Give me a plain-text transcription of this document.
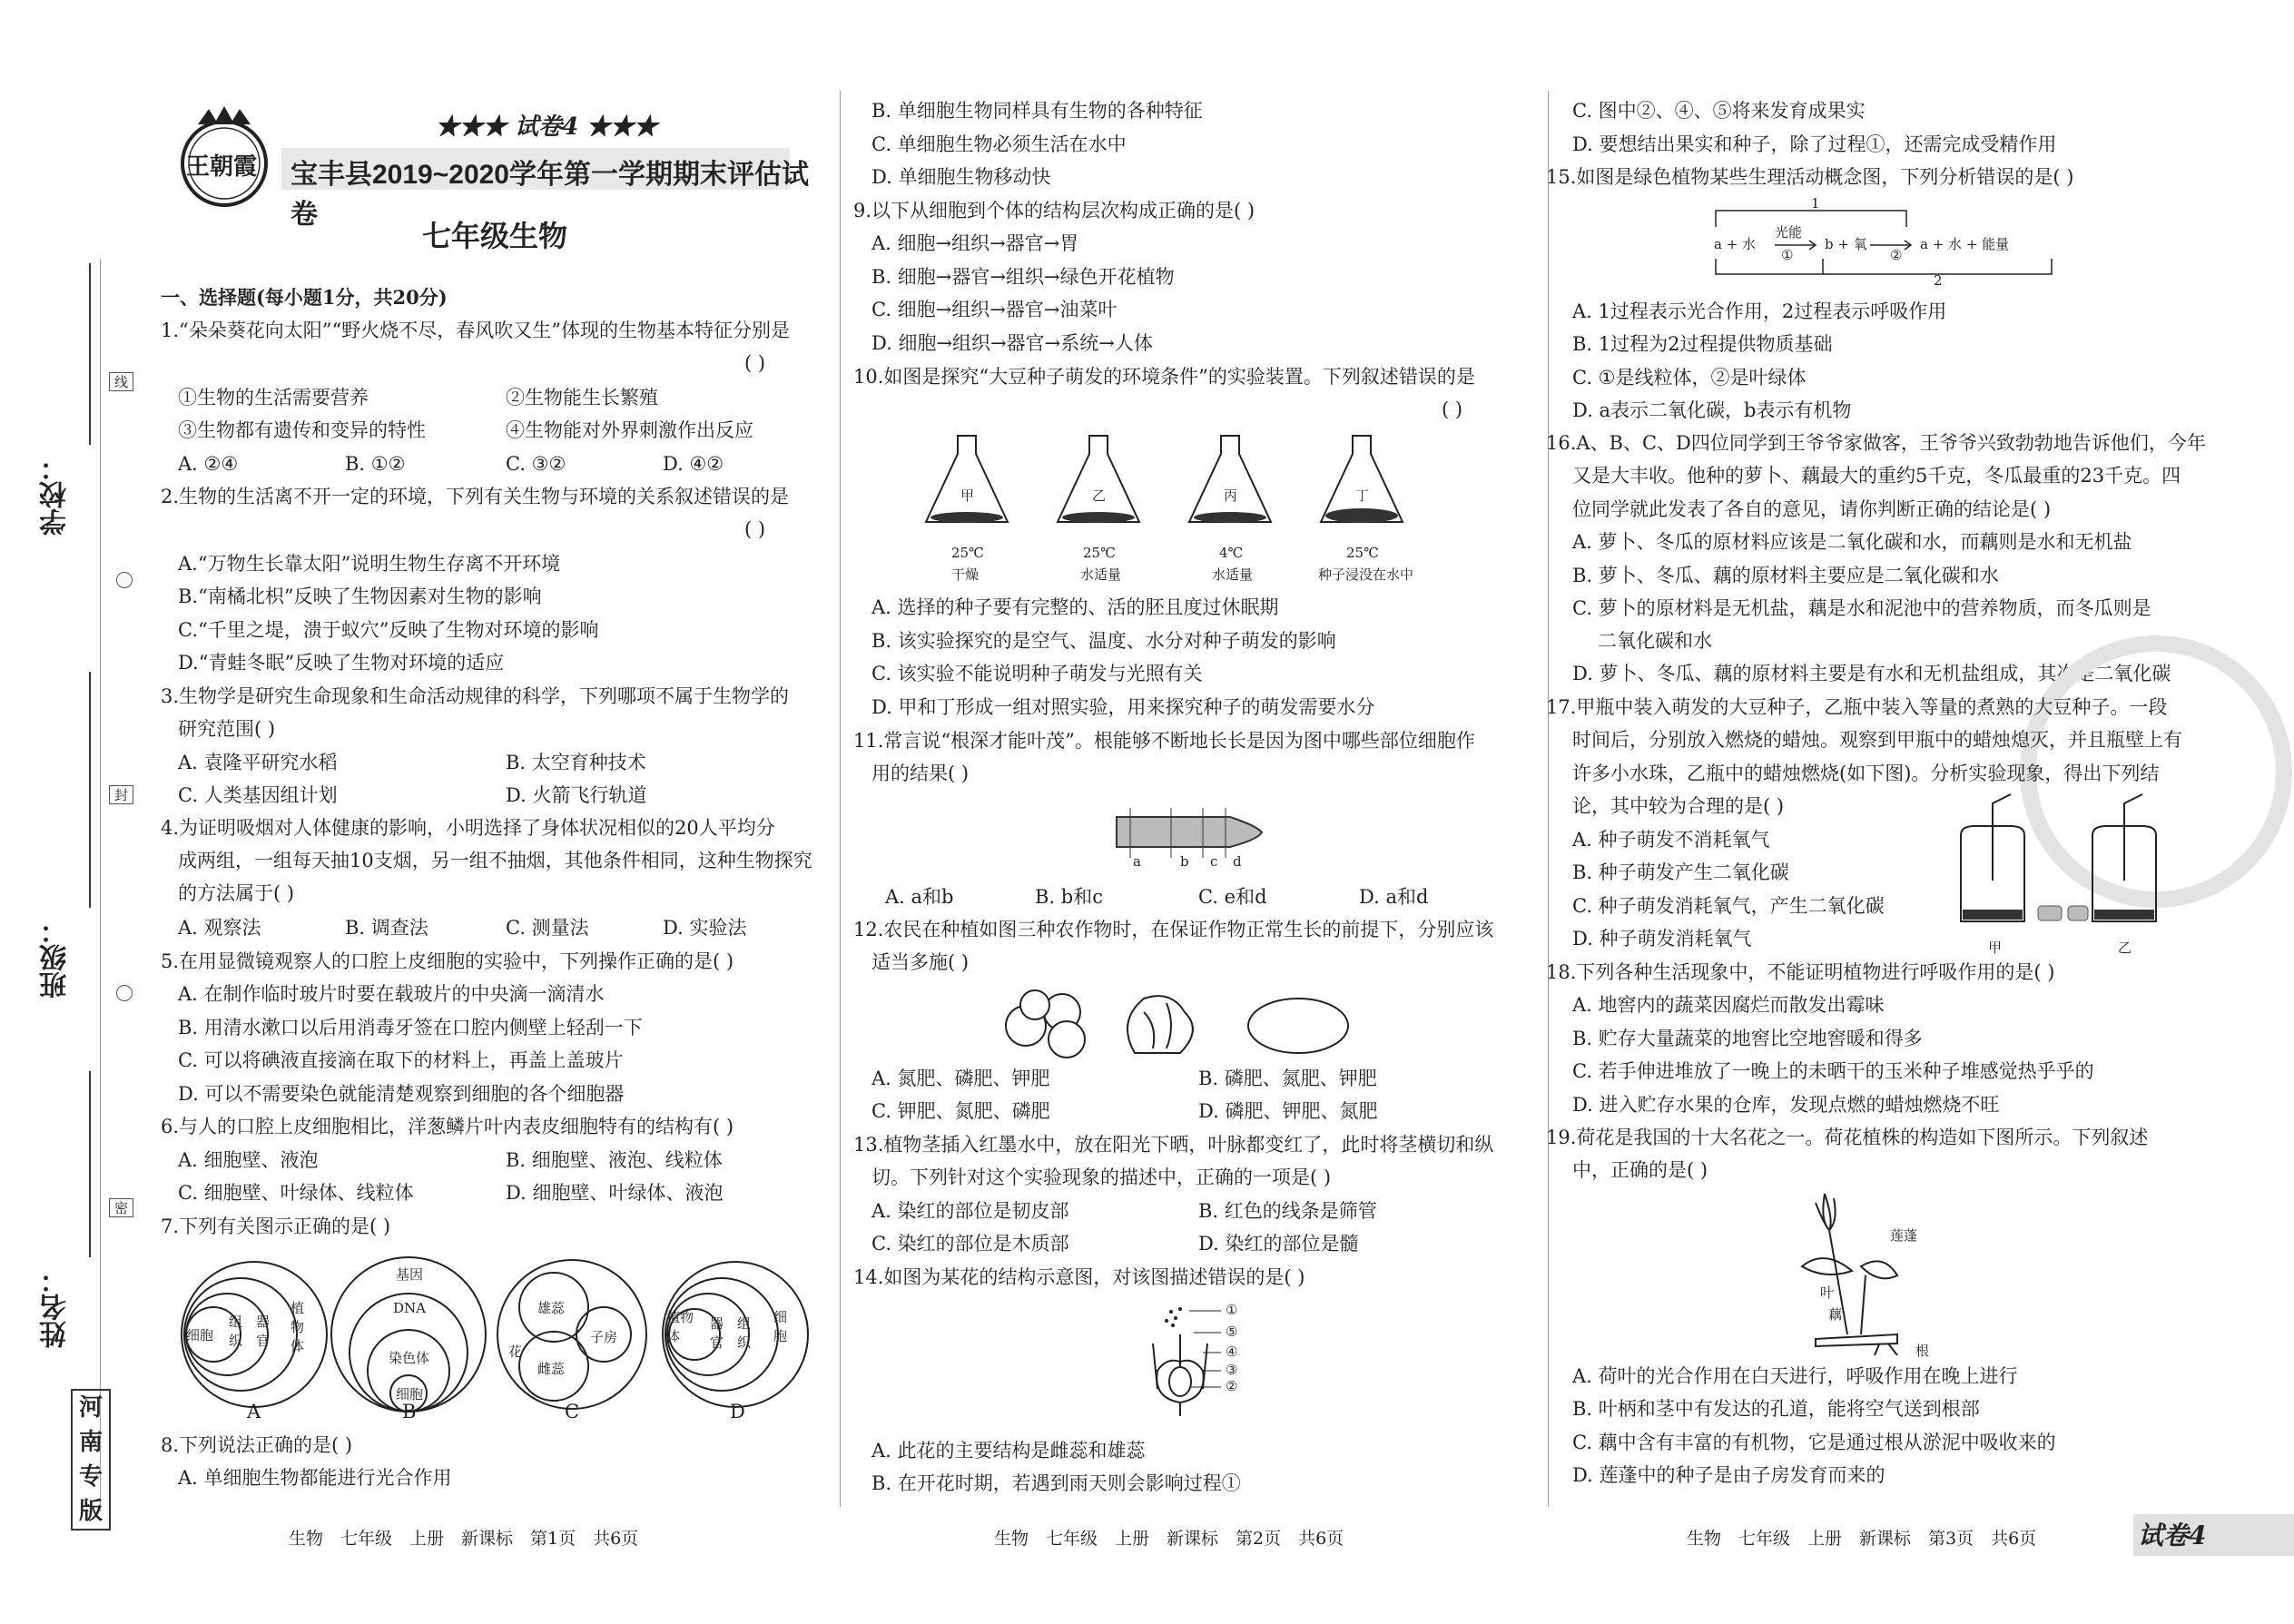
学校：
班级：
姓名：
线
封
密
河
南
专
版
王朝霞
★★★ 试卷4 ★★★
宝丰县2019~2020学年第一学期期末评估试卷
七年级生物
一、选择题(每小题1分，共20分)
1.“朵朵葵花向太阳”“野火烧不尽，春风吹又生”体现的生物基本特征分别是
( )
①生物的生活需要营养	②生物能生长繁殖
③生物都有遗传和变异的特性	④生物能对外界刺激作出反应
A. ②④	B. ①②	C. ③②	D. ④②
2.生物的生活离不开一定的环境，下列有关生物与环境的关系叙述错误的是
( )
A.“万物生长靠太阳”说明生物生存离不开环境
B.“南橘北枳”反映了生物因素对生物的影响
C.“千里之堤，溃于蚁穴”反映了生物对环境的影响
D.“青蛙冬眠”反映了生物对环境的适应
3.生物学是研究生命现象和生命活动规律的科学，下列哪项不属于生物学的
研究范围( )
A. 袁隆平研究水稻	B. 太空育种技术
C. 人类基因组计划	D. 火箭飞行轨道
4.为证明吸烟对人体健康的影响，小明选择了身体状况相似的20人平均分
成两组，一组每天抽10支烟，另一组不抽烟，其他条件相同，这种生物探究
的方法属于( )
A. 观察法	B. 调查法	C. 测量法	D. 实验法
5.在用显微镜观察人的口腔上皮细胞的实验中，下列操作正确的是( )
A. 在制作临时玻片时要在载玻片的中央滴一滴清水
B. 用清水漱口以后用消毒牙签在口腔内侧壁上轻刮一下
C. 可以将碘液直接滴在取下的材料上，再盖上盖玻片
D. 可以不需要染色就能清楚观察到细胞的各个细胞器
6.与人的口腔上皮细胞相比，洋葱鳞片叶内表皮细胞特有的结构有( )
A. 细胞壁、液泡	B. 细胞壁、液泡、线粒体
C. 细胞壁、叶绿体、线粒体	D. 细胞壁、叶绿体、液泡
7.下列有关图示正确的是( )
细胞
组织
器官
植物体
基因
DNA
染色体
细胞
雄蕊
花
子房
雌蕊
植物体
器官
组织
细胞
A	B	C	D
8.下列说法正确的是( )
A. 单细胞生物都能进行光合作用
生物　七年级　上册　新课标　第1页　共6页
B. 单细胞生物同样具有生物的各种特征
C. 单细胞生物必须生活在水中
D. 单细胞生物移动快
9.以下从细胞到个体的结构层次构成正确的是( )
A. 细胞→组织→器官→胃
B. 细胞→器官→组织→绿色开花植物
C. 细胞→组织→器官→油菜叶
D. 细胞→组织→器官→系统→人体
10.如图是探究“大豆种子萌发的环境条件”的实验装置。下列叙述错误的是
( )
甲	乙	丙	丁
25℃	25℃	4℃	25℃
干燥	水适量	水适量	种子浸没在水中
A. 选择的种子要有完整的、活的胚且度过休眠期
B. 该实验探究的是空气、温度、水分对种子萌发的影响
C. 该实验不能说明种子萌发与光照有关
D. 甲和丁形成一组对照实验，用来探究种子的萌发需要水分
11.常言说“根深才能叶茂”。根能够不断地长长是因为图中哪些部位细胞作
用的结果( )
a	b c d
A. a和b	B. b和c	C. e和d	D. a和d
12.农民在种植如图三种农作物时，在保证作物正常生长的前提下，分别应该
适当多施( )
A. 氮肥、磷肥、钾肥	B. 磷肥、氮肥、钾肥
C. 钾肥、氮肥、磷肥	D. 磷肥、钾肥、氮肥
13.植物茎插入红墨水中，放在阳光下晒，叶脉都变红了，此时将茎横切和纵
切。下列针对这个实验现象的描述中，正确的一项是( )
A. 染红的部位是韧皮部	B. 红色的线条是筛管
C. 染红的部位是木质部	D. 染红的部位是髓
14.如图为某花的结构示意图，对该图描述错误的是( )
①
⑤
④
③
②
A. 此花的主要结构是雌蕊和雄蕊
B. 在开花时期，若遇到雨天则会影响过程①
生物　七年级　上册　新课标　第2页　共6页
C. 图中②、④、⑤将来发育成果实
D. 要想结出果实和种子，除了过程①，还需完成受精作用
15.如图是绿色植物某些生理活动概念图，下列分析错误的是( )
1
a + 水
光能
①
b + 氧
②
a + 水 + 能量
2
A. 1过程表示光合作用，2过程表示呼吸作用
B. 1过程为2过程提供物质基础
C. ①是线粒体，②是叶绿体
D. a表示二氧化碳，b表示有机物
16.A、B、C、D四位同学到王爷爷家做客，王爷爷兴致勃勃地告诉他们，今年
又是大丰收。他种的萝卜、藕最大的重约5千克，冬瓜最重的23千克。四
位同学就此发表了各自的意见，请你判断正确的结论是( )
A. 萝卜、冬瓜的原材料应该是二氧化碳和水，而藕则是水和无机盐
B. 萝卜、冬瓜、藕的原材料主要应是二氧化碳和水
C. 萝卜的原材料是无机盐，藕是水和泥池中的营养物质，而冬瓜则是
二氧化碳和水
D. 萝卜、冬瓜、藕的原材料主要是有水和无机盐组成，其次是二氧化碳
17.甲瓶中装入萌发的大豆种子，乙瓶中装入等量的煮熟的大豆种子。一段
时间后，分别放入燃烧的蜡烛。观察到甲瓶中的蜡烛熄灭，并且瓶壁上有
许多小水珠，乙瓶中的蜡烛燃烧(如下图)。分析实验现象，得出下列结
论，其中较为合理的是( )
A. 种子萌发不消耗氧气
B. 种子萌发产生二氧化碳
C. 种子萌发消耗氧气，产生二氧化碳
D. 种子萌发消耗氧气	甲	乙
18.下列各种生活现象中，不能证明植物进行呼吸作用的是( )
A. 地窖内的蔬菜因腐烂而散发出霉味
B. 贮存大量蔬菜的地窖比空地窖暖和得多
C. 若手伸进堆放了一晚上的未晒干的玉米种子堆感觉热乎乎的
D. 进入贮存水果的仓库，发现点燃的蜡烛燃烧不旺
19.荷花是我国的十大名花之一。荷花植株的构造如下图所示。下列叙述
中，正确的是( )
莲蓬
叶
藕
根
A. 荷叶的光合作用在白天进行，呼吸作用在晚上进行
B. 叶柄和茎中有发达的孔道，能将空气送到根部
C. 藕中含有丰富的有机物，它是通过根从淤泥中吸收来的
D. 莲蓬中的种子是由子房发育而来的
生物　七年级　上册　新课标　第3页　共6页	试卷4
